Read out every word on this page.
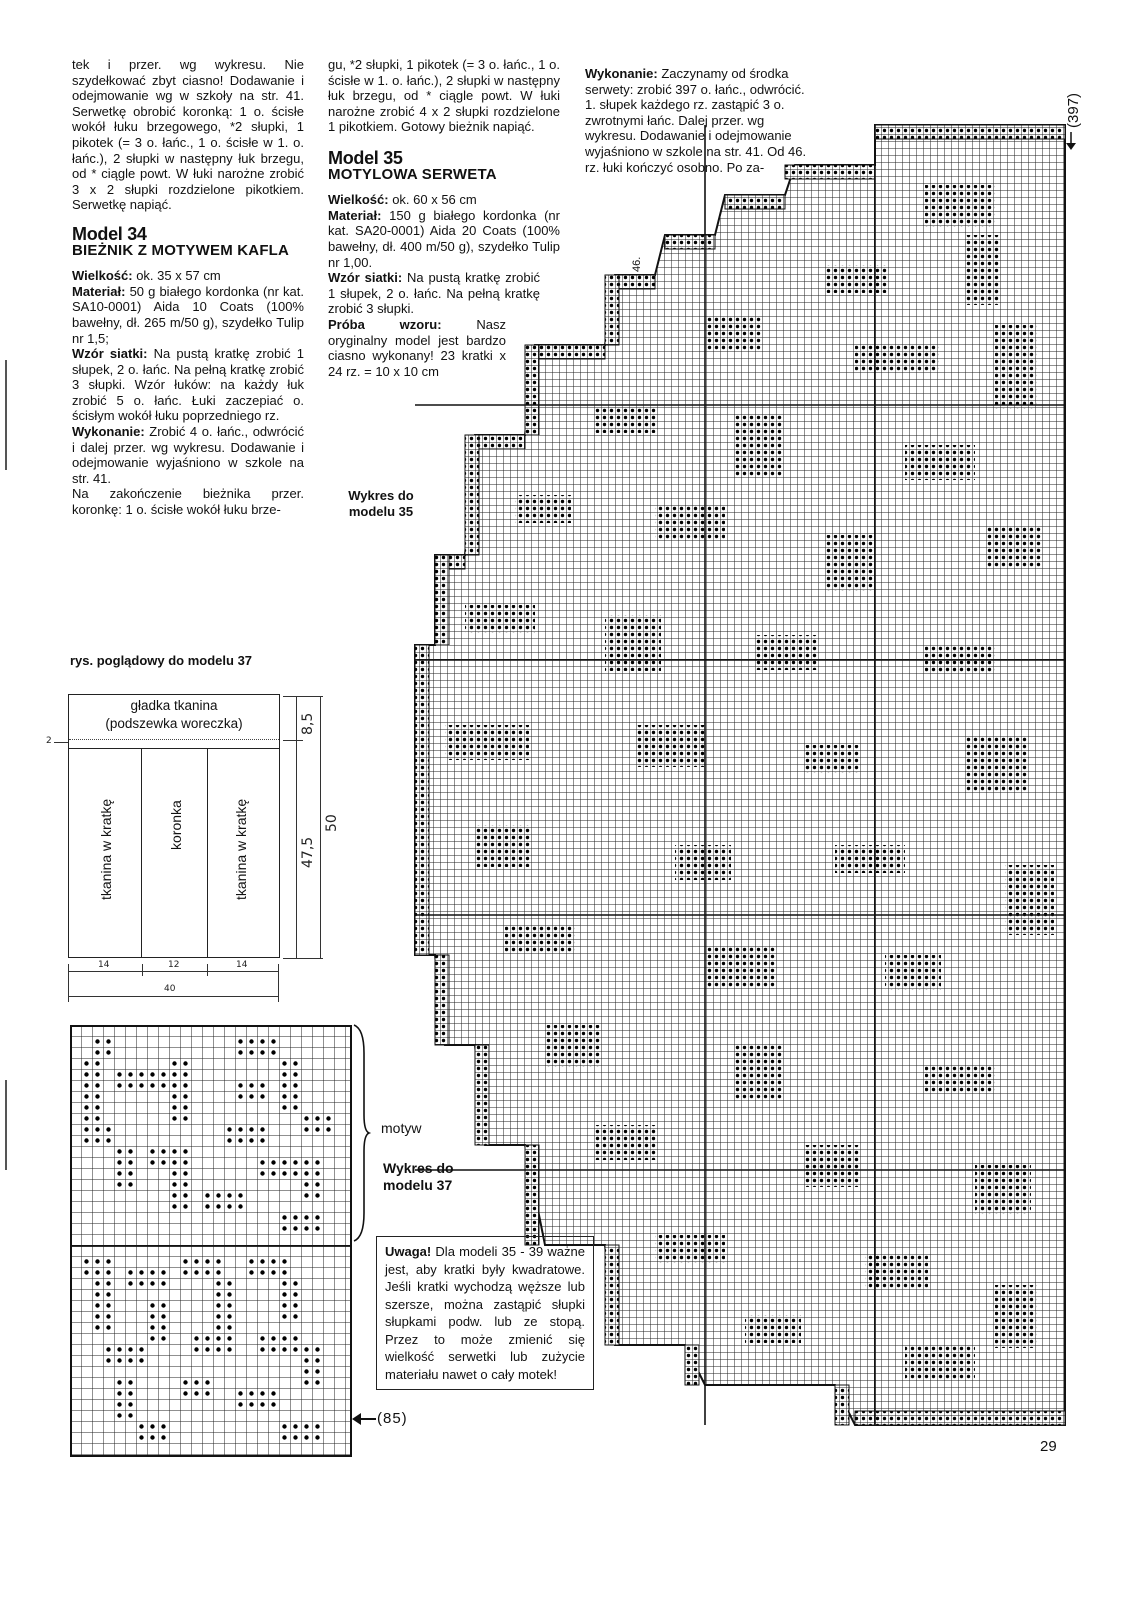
tek i przer. wg wykresu. Nie szydełkować zbyt ciasno! Dodawanie i odejmowanie wg w szkoły na str. 41. Serwetkę obrobić koronką: 1 o. ścisłe wokół łuku brzegowego, *2 słupki, 1 pikotek (= 3 o. łańc., 1 o. ścisłe w 1. o. łańc.), 2 słupki w następny łuk brzegu, od * ciągle powt. W łuki narożne zrobić 3 x 2 słupki rozdzielone pikotkiem. Serwetkę napiąć.

Model 34

BIEŻNIK Z MOTYWEM KAFLA

Wielkość: ok. 35 x 57 cm

Materiał: 50 g białego kordonka (nr kat. SA10-0001) Aida 10 Coats (100% bawełny, dł. 265 m/50 g), szydełko Tulip nr 1,5;

Wzór siatki: Na pustą kratkę zrobić 1 słupek, 2 o. łańc. Na pełną kratkę zrobić 3 słupki. Wzór łuków: na każdy łuk zrobić 5 o. łańc. Łuki zaczepiać o. ścisłym wokół łuku poprzedniego rz.

Wykonanie: Zrobić 4 o. łańc., odwrócić i dalej przer. wg wykresu. Dodawanie i odejmowanie wyjaśniono w szkole na str. 41.

Na zakończenie bieżnika przer. koronkę: 1 o. ścisłe wokół łuku brze-

gu, *2 słupki, 1 pikotek (= 3 o. łańc., 1 o. ścisłe w 1. o. łańc.), 2 słupki w następny łuk brzegu, od * ciągle powt. W łuki narożne zrobić 4 x 2 słupki rozdzielone 1 pikotkiem. Gotowy bieżnik napiąć.

Model 35

MOTYLOWA SERWETA

Wielkość: ok. 60 x 56 cm

Materiał: 150 g białego kordonka (nr kat. SA20-0001) Aida 20 Coats (100% bawełny, dł. 400 m/50 g), szydełko Tulip nr 1,00.

Wzór siatki: Na pustą kratkę zrobić 1 słupek, 2 o. łańc. Na pełną kratkę zrobić 3 słupki.

Próba wzoru: Nasz oryginalny model jest bardzo ciasno wykonany! 23 kratki x 24 rz. = 10 x 10 cm

Wykres do
modelu 35

Wykonanie: Zaczynamy od środka serwety: zrobić 397 o. łańc., odwrócić. 1. słupek każdego rz. zastąpić 3 o. zwrotnymi łańc. Dalej przer. wg wykresu. Dodawanie i odejmowanie wyjaśniono w szkole na str. 41. Od 46. rz. łuki kończyć osobno. Po za-

(397)
46.
rys. poglądowy do modelu 37
gładka tkanina
(podszewka woreczka)
tkanina w kratkę	koronka	tkanina w kratkę
8,5
47,5
50
2
14	12	14
40
motyw
Wykres do
modelu 37
(85)
Uwaga! Dla modeli 35 - 39 ważne jest, aby kratki były kwadratowe. Jeśli kratki wychodzą węższe lub szersze, można zastąpić słupki słupkami podw. lub ze stopą. Przez to może zmienić się wielkość serwetki lub zużycie materiału nawet o cały motek!
29
